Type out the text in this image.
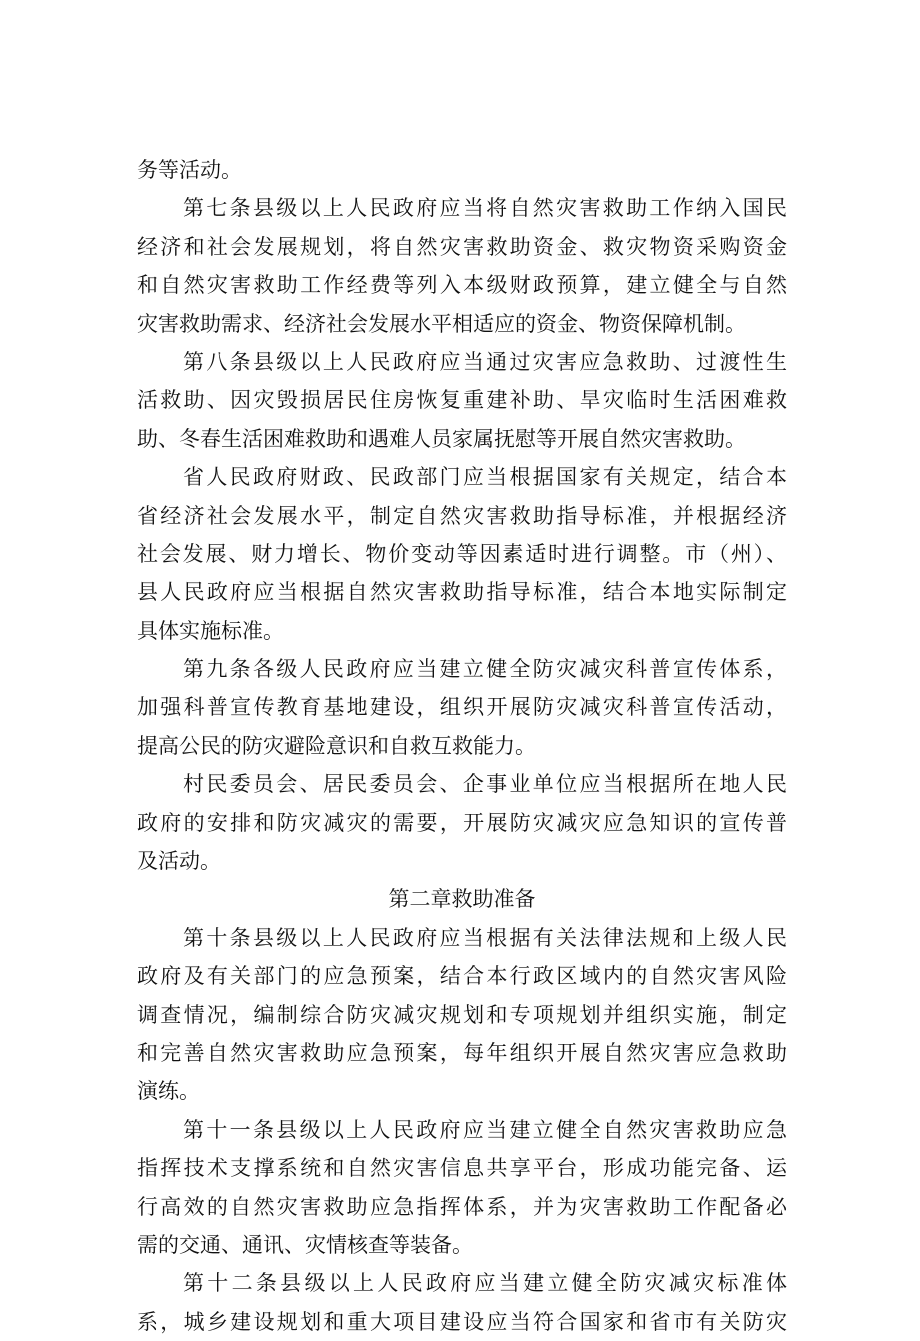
务等活动。
第七条县级以上人民政府应当将自然灾害救助工作纳入国民
经济和社会发展规划，将自然灾害救助资金、救灾物资采购资金
和自然灾害救助工作经费等列入本级财政预算，建立健全与自然
灾害救助需求、经济社会发展水平相适应的资金、物资保障机制。
第八条县级以上人民政府应当通过灾害应急救助、过渡性生
活救助、因灾毁损居民住房恢复重建补助、旱灾临时生活困难救
助、冬春生活困难救助和遇难人员家属抚慰等开展自然灾害救助。
省人民政府财政、民政部门应当根据国家有关规定，结合本
省经济社会发展水平，制定自然灾害救助指导标准，并根据经济
社会发展、财力增长、物价变动等因素适时进行调整。市（州）、
县人民政府应当根据自然灾害救助指导标准，结合本地实际制定
具体实施标准。
第九条各级人民政府应当建立健全防灾减灾科普宣传体系，
加强科普宣传教育基地建设，组织开展防灾减灾科普宣传活动，
提高公民的防灾避险意识和自救互救能力。
村民委员会、居民委员会、企事业单位应当根据所在地人民
政府的安排和防灾减灾的需要，开展防灾减灾应急知识的宣传普
及活动。
第二章救助准备
第十条县级以上人民政府应当根据有关法律法规和上级人民
政府及有关部门的应急预案，结合本行政区域内的自然灾害风险
调查情况，编制综合防灾减灾规划和专项规划并组织实施，制定
和完善自然灾害救助应急预案，每年组织开展自然灾害应急救助
演练。
第十一条县级以上人民政府应当建立健全自然灾害救助应急
指挥技术支撑系统和自然灾害信息共享平台，形成功能完备、运
行高效的自然灾害救助应急指挥体系，并为灾害救助工作配备必
需的交通、通讯、灾情核查等装备。
第十二条县级以上人民政府应当建立健全防灾减灾标准体
系，城乡建设规划和重大项目建设应当符合国家和省市有关防灾
